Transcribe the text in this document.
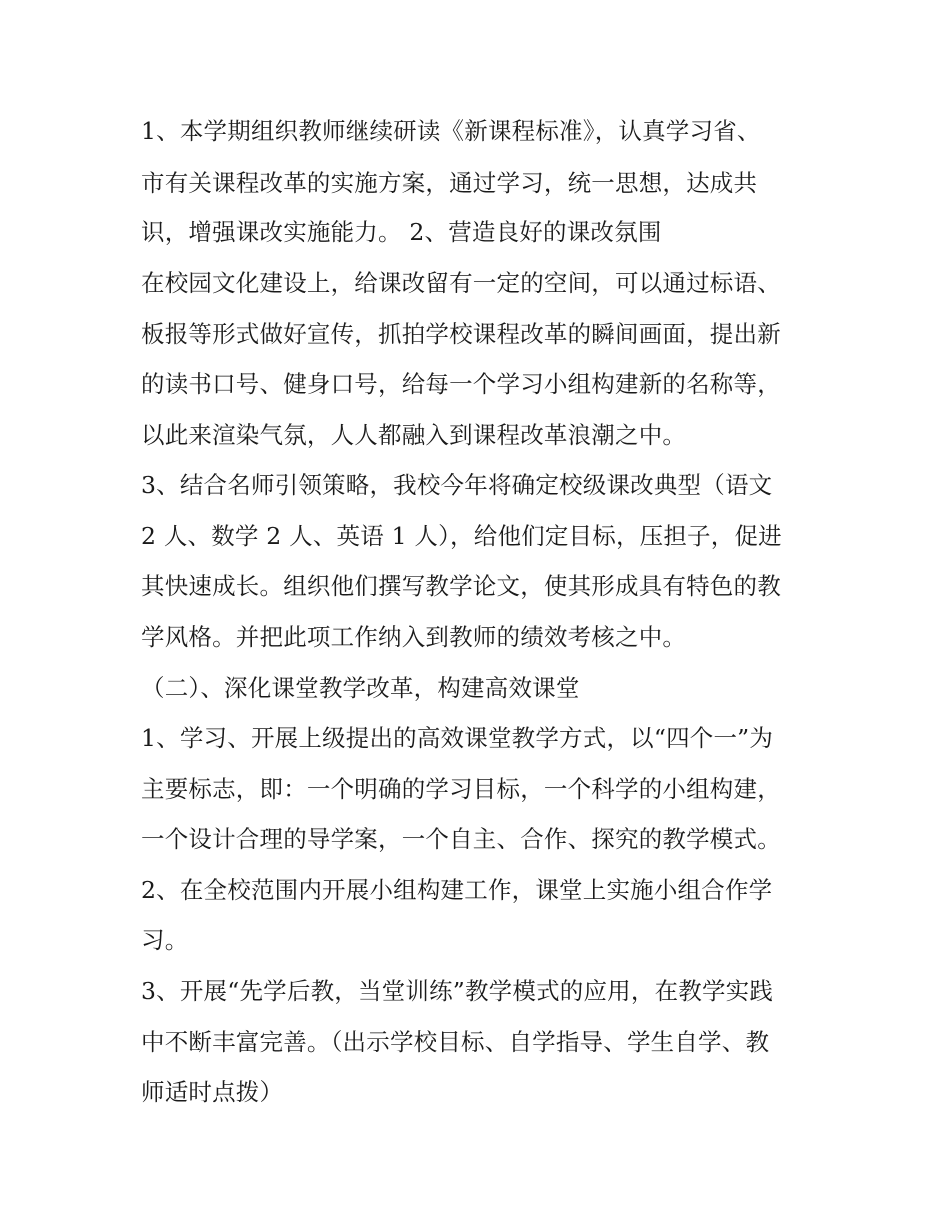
1、本学期组织教师继续研读《新课程标准》，认真学习省、
市有关课程改革的实施方案，通过学习，统一思想，达成共
识，增强课改实施能力。 2、营造良好的课改氛围
在校园文化建设上，给课改留有一定的空间，可以通过标语、
板报等形式做好宣传，抓拍学校课程改革的瞬间画面，提出新
的读书口号、健身口号，给每一个学习小组构建新的名称等，
以此来渲染气氛，人人都融入到课程改革浪潮之中。
3、结合名师引领策略，我校今年将确定校级课改典型（语文
2 人、数学 2 人、英语 1 人），给他们定目标，压担子，促进
其快速成长。组织他们撰写教学论文，使其形成具有特色的教
学风格。并把此项工作纳入到教师的绩效考核之中。
（二）、深化课堂教学改革，构建高效课堂
1、学习、开展上级提出的高效课堂教学方式，以“四个一”为
主要标志，即：一个明确的学习目标，一个科学的小组构建，
一个设计合理的导学案，一个自主、合作、探究的教学模式。
2、在全校范围内开展小组构建工作，课堂上实施小组合作学
习。
3、开展“先学后教，当堂训练”教学模式的应用，在教学实践
中不断丰富完善。（出示学校目标、自学指导、学生自学、教
师适时点拨）
